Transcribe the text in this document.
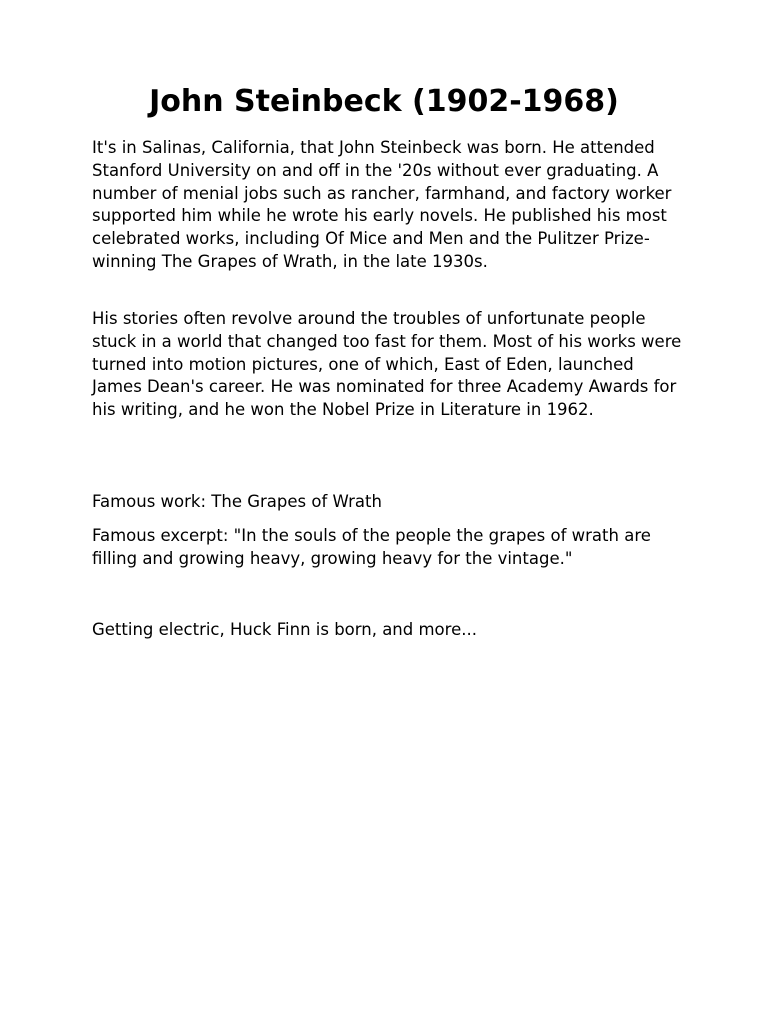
John Steinbeck (1902-1968)

It's in Salinas, California, that John Steinbeck was born. He attended Stanford University on and off in the '20s without ever graduating. A number of menial jobs such as rancher, farmhand, and factory worker supported him while he wrote his early novels. He published his most celebrated works, including Of Mice and Men and the Pulitzer Prize-winning The Grapes of Wrath, in the late 1930s.

His stories often revolve around the troubles of unfortunate people stuck in a world that changed too fast for them. Most of his works were turned into motion pictures, one of which, East of Eden, launched James Dean's career. He was nominated for three Academy Awards for his writing, and he won the Nobel Prize in Literature in 1962.

Famous work: The Grapes of Wrath

Famous excerpt: "In the souls of the people the grapes of wrath are filling and growing heavy, growing heavy for the vintage."

Getting electric, Huck Finn is born, and more...
